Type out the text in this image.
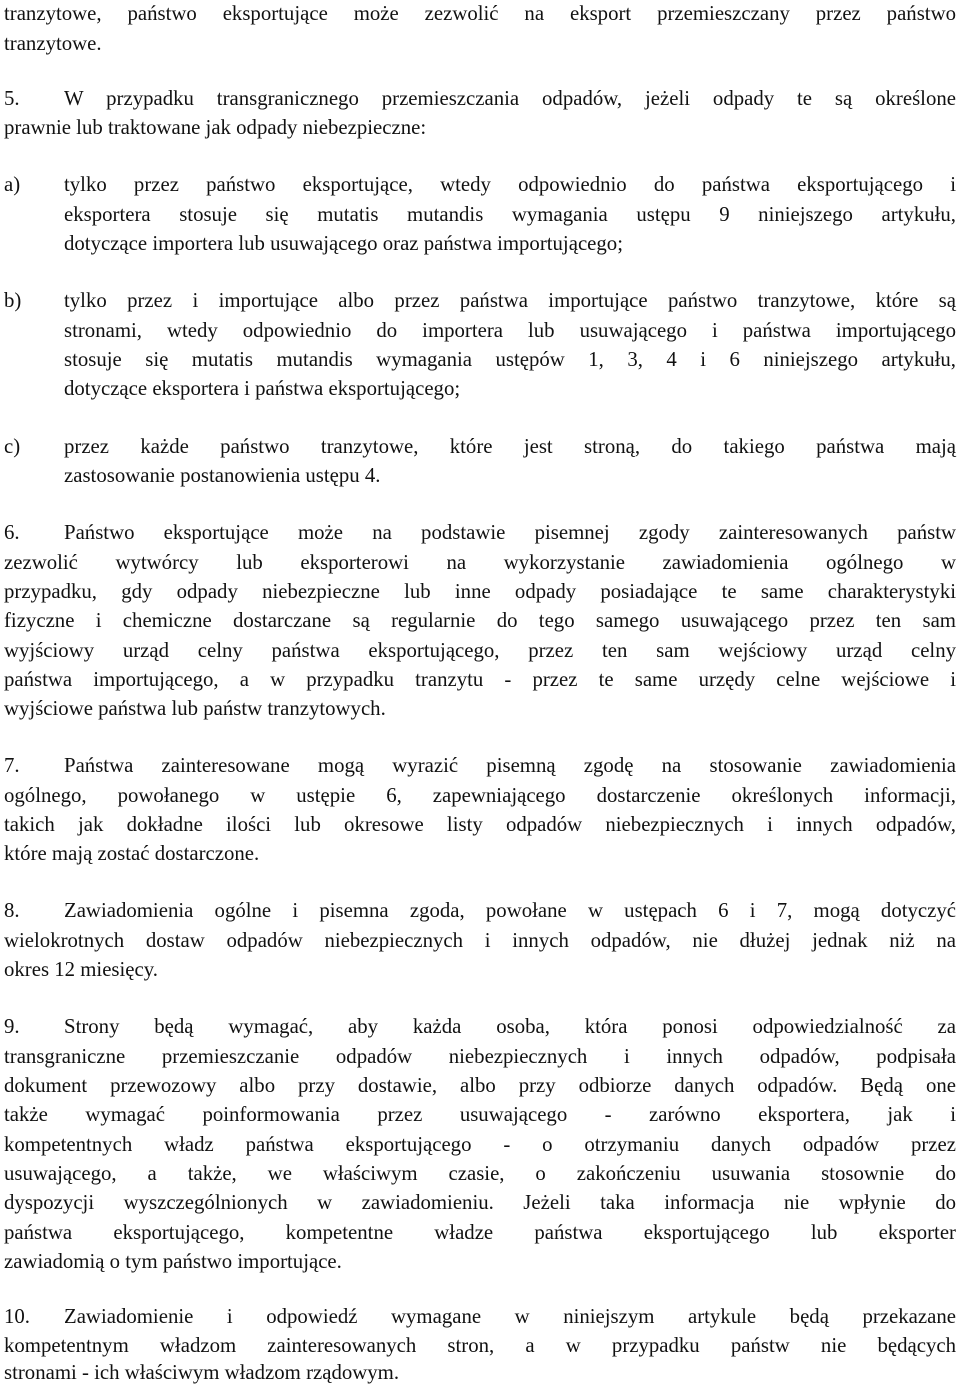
tranzytowe, państwo eksportujące może zezwolić na eksport przemieszczany przez państwo
tranzytowe.
5. W przypadku transgranicznego przemieszczania odpadów, jeżeli odpady te są określone
prawnie lub traktowane jak odpady niebezpieczne:
a) tylko przez państwo eksportujące, wtedy odpowiednio do państwa eksportującego i
eksportera stosuje się mutatis mutandis wymagania ustępu 9 niniejszego artykułu,
dotyczące importera lub usuwającego oraz państwa importującego;
b) tylko przez i importujące albo przez państwa importujące państwo tranzytowe, które są
stronami, wtedy odpowiednio do importera lub usuwającego i państwa importującego
stosuje się mutatis mutandis wymagania ustępów 1, 3, 4 i 6 niniejszego artykułu,
dotyczące eksportera i państwa eksportującego;
c) przez każde państwo tranzytowe, które jest stroną, do takiego państwa mają
zastosowanie postanowienia ustępu 4.
6. Państwo eksportujące może na podstawie pisemnej zgody zainteresowanych państw
zezwolić wytwórcy lub eksporterowi na wykorzystanie zawiadomienia ogólnego w
przypadku, gdy odpady niebezpieczne lub inne odpady posiadające te same charakterystyki
fizyczne i chemiczne dostarczane są regularnie do tego samego usuwającego przez ten sam
wyjściowy urząd celny państwa eksportującego, przez ten sam wejściowy urząd celny
państwa importującego, a w przypadku tranzytu - przez te same urzędy celne wejściowe i
wyjściowe państwa lub państw tranzytowych.
7. Państwa zainteresowane mogą wyrazić pisemną zgodę na stosowanie zawiadomienia
ogólnego, powołanego w ustępie 6, zapewniającego dostarczenie określonych informacji,
takich jak dokładne ilości lub okresowe listy odpadów niebezpiecznych i innych odpadów,
które mają zostać dostarczone.
8. Zawiadomienia ogólne i pisemna zgoda, powołane w ustępach 6 i 7, mogą dotyczyć
wielokrotnych dostaw odpadów niebezpiecznych i innych odpadów, nie dłużej jednak niż na
okres 12 miesięcy.
9. Strony będą wymagać, aby każda osoba, która ponosi odpowiedzialność za
transgraniczne przemieszczanie odpadów niebezpiecznych i innych odpadów, podpisała
dokument przewozowy albo przy dostawie, albo przy odbiorze danych odpadów. Będą one
także wymagać poinformowania przez usuwającego - zarówno eksportera, jak i
kompetentnych władz państwa eksportującego - o otrzymaniu danych odpadów przez
usuwającego, a także, we właściwym czasie, o zakończeniu usuwania stosownie do
dyspozycji wyszczególnionych w zawiadomieniu. Jeżeli taka informacja nie wpłynie do
państwa eksportującego, kompetentne władze państwa eksportującego lub eksporter
zawiadomią o tym państwo importujące.
10. Zawiadomienie i odpowiedź wymagane w niniejszym artykule będą przekazane
kompetentnym władzom zainteresowanych stron, a w przypadku państw nie będących
stronami - ich właściwym władzom rządowym.
